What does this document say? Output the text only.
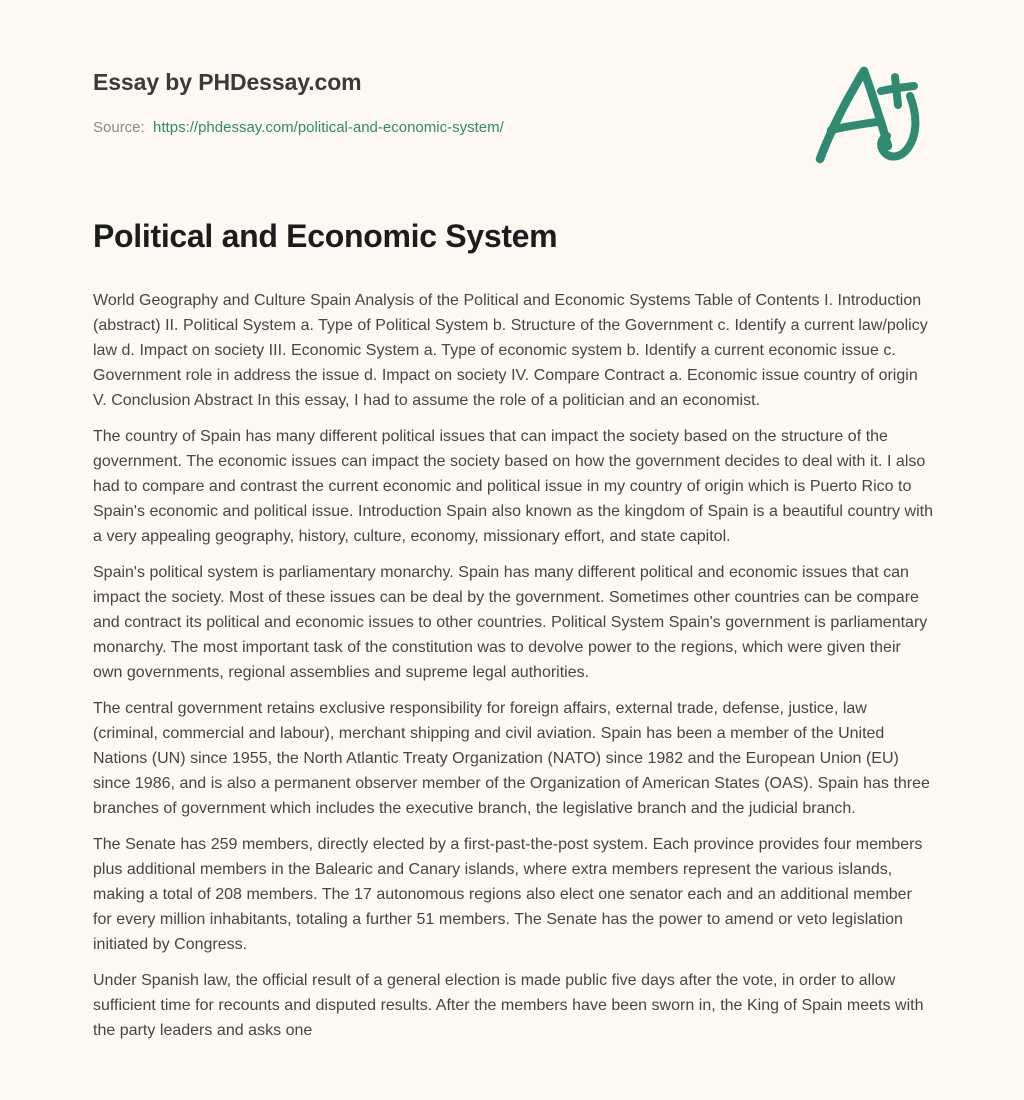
Essay by PHDessay.com
Source: https://phdessay.com/political-and-economic-system/
Political and Economic System

World Geography and Culture Spain Analysis of the Political and Economic Systems Table of Contents I. Introduction (abstract) II. Political System a. Type of Political System b. Structure of the Government c. Identify a current law/policy law d. Impact on society III. Economic System a. Type of economic system b. Identify a current economic issue c. Government role in address the issue d. Impact on society IV. Compare Contract a. Economic issue country of origin V. Conclusion Abstract In this essay, I had to assume the role of a politician and an economist.

The country of Spain has many different political issues that can impact the society based on the structure of the government. The economic issues can impact the society based on how the government decides to deal with it. I also had to compare and contrast the current economic and political issue in my country of origin which is Puerto Rico to Spain's economic and political issue. Introduction Spain also known as the kingdom of Spain is a beautiful country with a very appealing geography, history, culture, economy, missionary effort, and state capitol.

Spain's political system is parliamentary monarchy. Spain has many different political and economic issues that can impact the society. Most of these issues can be deal by the government. Sometimes other countries can be compare and contract its political and economic issues to other countries. Political System Spain's government is parliamentary monarchy. The most important task of the constitution was to devolve power to the regions, which were given their own governments, regional assemblies and supreme legal authorities.

The central government retains exclusive responsibility for foreign affairs, external trade, defense, justice, law (criminal, commercial and labour), merchant shipping and civil aviation. Spain has been a member of the United Nations (UN) since 1955, the North Atlantic Treaty Organization (NATO) since 1982 and the European Union (EU) since 1986, and is also a permanent observer member of the Organization of American States (OAS). Spain has three branches of government which includes the executive branch, the legislative branch and the judicial branch.

The Senate has 259 members, directly elected by a first-past-the-post system. Each province provides four members plus additional members in the Balearic and Canary islands, where extra members represent the various islands, making a total of 208 members. The 17 autonomous regions also elect one senator each and an additional member for every million inhabitants, totaling a further 51 members. The Senate has the power to amend or veto legislation initiated by Congress.

Under Spanish law, the official result of a general election is made public five days after the vote, in order to allow sufficient time for recounts and disputed results. After the members have been sworn in, the King of Spain meets with the party leaders and asks one
